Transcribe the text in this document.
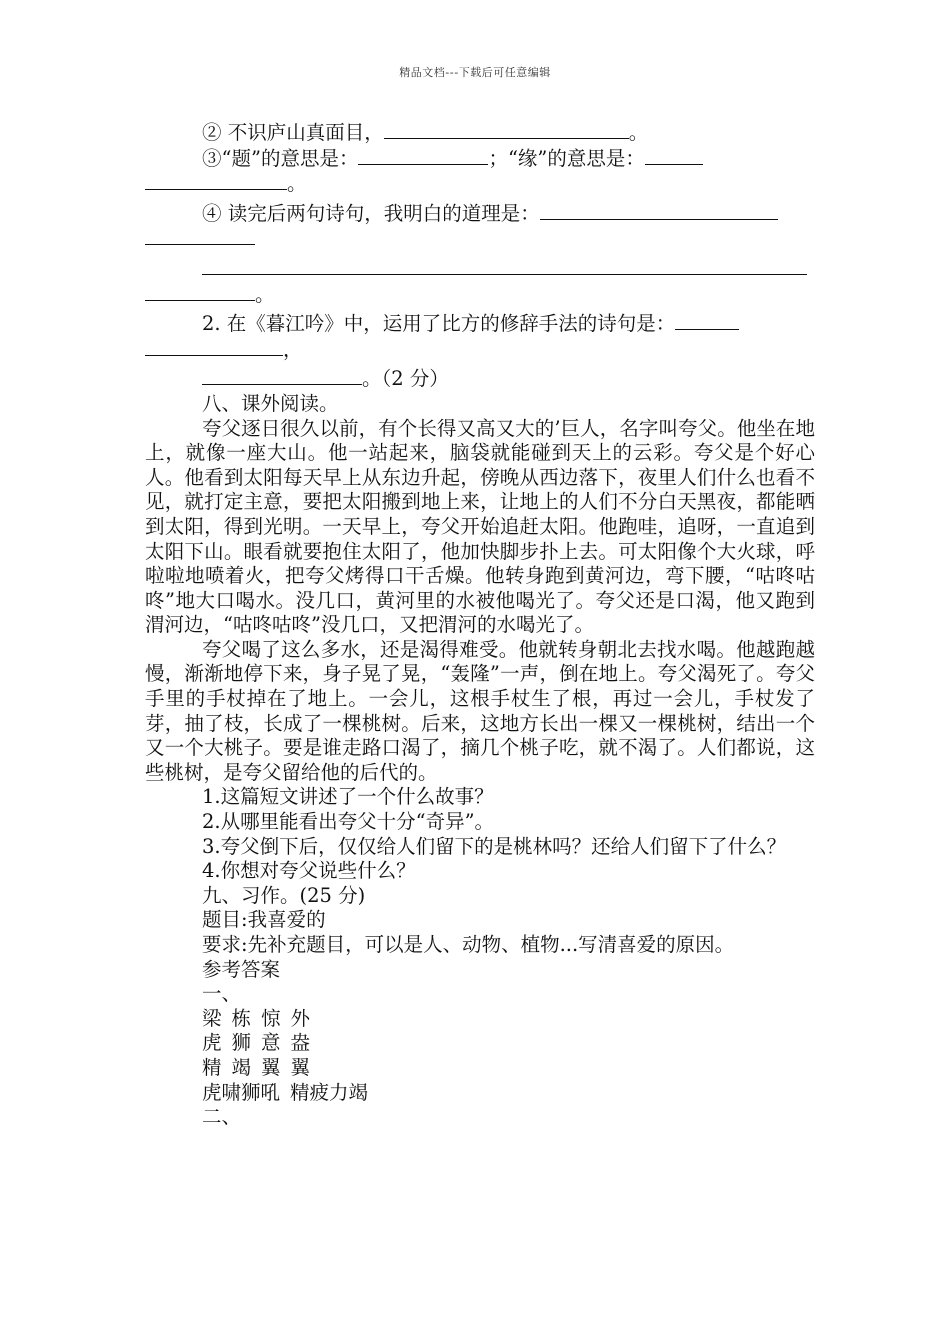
精品文档---下载后可任意编辑
② 不识庐山真面目，	。
③“题”的意思是：	；“缘”的意思是：
。
④ 读完后两句诗句，我明白的道理是：
。
2. 在《暮江吟》中，运用了比方的修辞手法的诗句是：
，
。（2 分）
八、课外阅读。
夸父逐日很久以前，有个长得又高又大的’巨人，名字叫夸父。他坐在地上，就像一座大山。他一站起来，脑袋就能碰到天上的云彩。夸父是个好心人。他看到太阳每天早上从东边升起，傍晚从西边落下，夜里人们什么也看不见，就打定主意，要把太阳搬到地上来，让地上的人们不分白天黑夜，都能晒到太阳，得到光明。一天早上，夸父开始追赶太阳。他跑哇，追呀，一直追到太阳下山。眼看就要抱住太阳了，他加快脚步扑上去。可太阳像个大火球，呼啦啦地喷着火，把夸父烤得口干舌燥。他转身跑到黄河边，弯下腰，“咕咚咕咚”地大口喝水。没几口，黄河里的水被他喝光了。夸父还是口渴，他又跑到渭河边，“咕咚咕咚”没几口，又把渭河的水喝光了。
夸父喝了这么多水，还是渴得难受。他就转身朝北去找水喝。他越跑越慢，渐渐地停下来，身子晃了晃，“轰隆”一声，倒在地上。夸父渴死了。夸父手里的手杖掉在了地上。一会儿，这根手杖生了根，再过一会儿，手杖发了芽，抽了枝，长成了一棵桃树。后来，这地方长出一棵又一棵桃树，结出一个又一个大桃子。要是谁走路口渴了，摘几个桃子吃，就不渴了。人们都说，这些桃树，是夸父留给他的后代的。
1.这篇短文讲述了一个什么故事？
2.从哪里能看出夸父十分“奇异”。
3.夸父倒下后，仅仅给人们留下的是桃林吗？还给人们留下了什么？
4.你想对夸父说些什么？
九、习作。(25 分)
题目:我喜爱的
要求:先补充题目，可以是人、动物、植物...写清喜爱的原因。
参考答案
一、
梁 栋 惊 外
虎 狮 意 盎
精 竭 翼 翼
虎啸狮吼 精疲力竭
二、
